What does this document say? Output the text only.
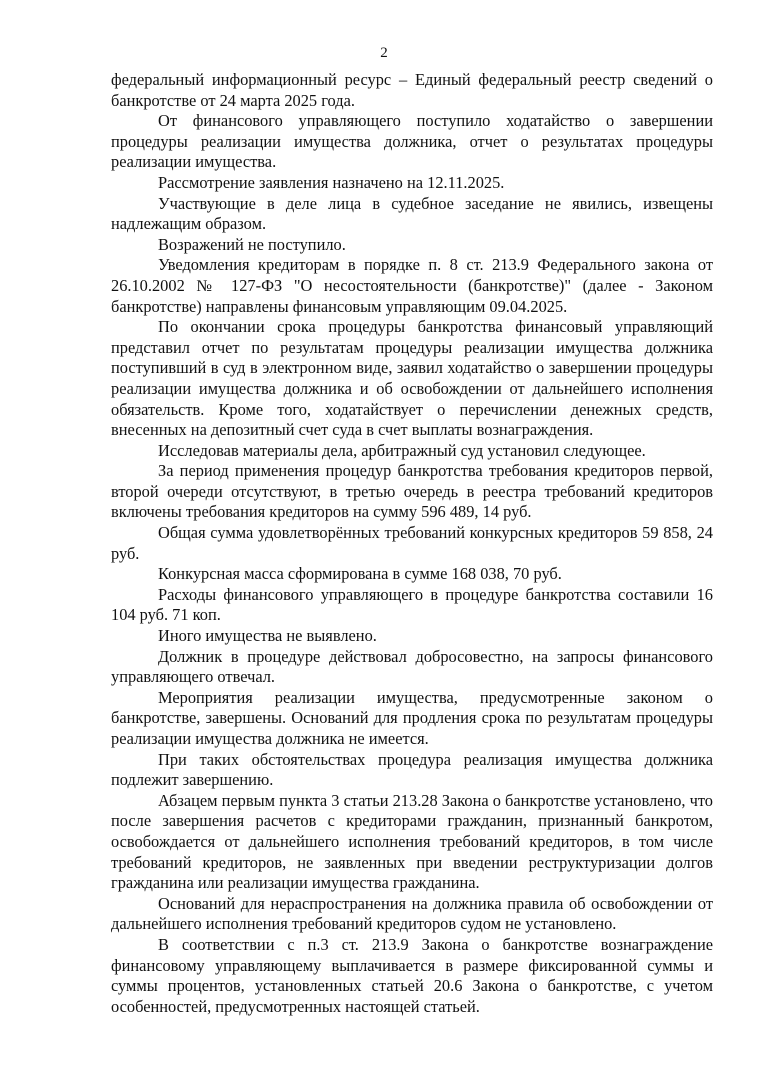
2

федеральный информационный ресурс – Единый федеральный реестр сведений о банкротстве от 24 марта 2025 года.

От финансового управляющего поступило ходатайство о завершении процедуры реализации имущества должника, отчет о результатах процедуры реализации имущества.

Рассмотрение заявления назначено на 12.11.2025.

Участвующие в деле лица в судебное заседание не явились, извещены надлежащим образом.

Возражений не поступило.

Уведомления кредиторам в порядке п. 8 ст. 213.9 Федерального закона от 26.10.2002 № 127-ФЗ "О несостоятельности (банкротстве)" (далее - Законом банкротстве) направлены финансовым управляющим 09.04.2025.

По окончании срока процедуры банкротства финансовый управляющий представил отчет по результатам процедуры реализации имущества должника поступивший в суд в электронном виде, заявил ходатайство о завершении процедуры реализации имущества должника и об освобождении от дальнейшего исполнения обязательств. Кроме того, ходатайствует о перечислении денежных средств, внесенных на депозитный счет суда в счет выплаты вознаграждения.

Исследовав материалы дела, арбитражный суд установил следующее.

За период применения процедур банкротства требования кредиторов первой, второй очереди отсутствуют, в третью очередь в реестра требований кредиторов включены требования кредиторов на сумму 596 489, 14 руб.

Общая сумма удовлетворённых требований конкурсных кредиторов 59 858, 24 руб.

Конкурсная масса сформирована в сумме 168 038, 70 руб.

Расходы финансового управляющего в процедуре банкротства составили 16 104 руб. 71 коп.

Иного имущества не выявлено.

Должник в процедуре действовал добросовестно, на запросы финансового управляющего отвечал.

Мероприятия реализации имущества, предусмотренные законом о банкротстве, завершены. Оснований для продления срока по результатам процедуры реализации имущества должника не имеется.

При таких обстоятельствах процедура реализация имущества должника подлежит завершению.

Абзацем первым пункта 3 статьи 213.28 Закона о банкротстве установлено, что после завершения расчетов с кредиторами гражданин, признанный банкротом, освобождается от дальнейшего исполнения требований кредиторов, в том числе требований кредиторов, не заявленных при введении реструктуризации долгов гражданина или реализации имущества гражданина.

Оснований для нераспространения на должника правила об освобождении от дальнейшего исполнения требований кредиторов судом не установлено.

В соответствии с п.3 ст. 213.9 Закона о банкротстве вознаграждение финансовому управляющему выплачивается в размере фиксированной суммы и суммы процентов, установленных статьей 20.6 Закона о банкротстве, с учетом особенностей, предусмотренных настоящей статьей.
